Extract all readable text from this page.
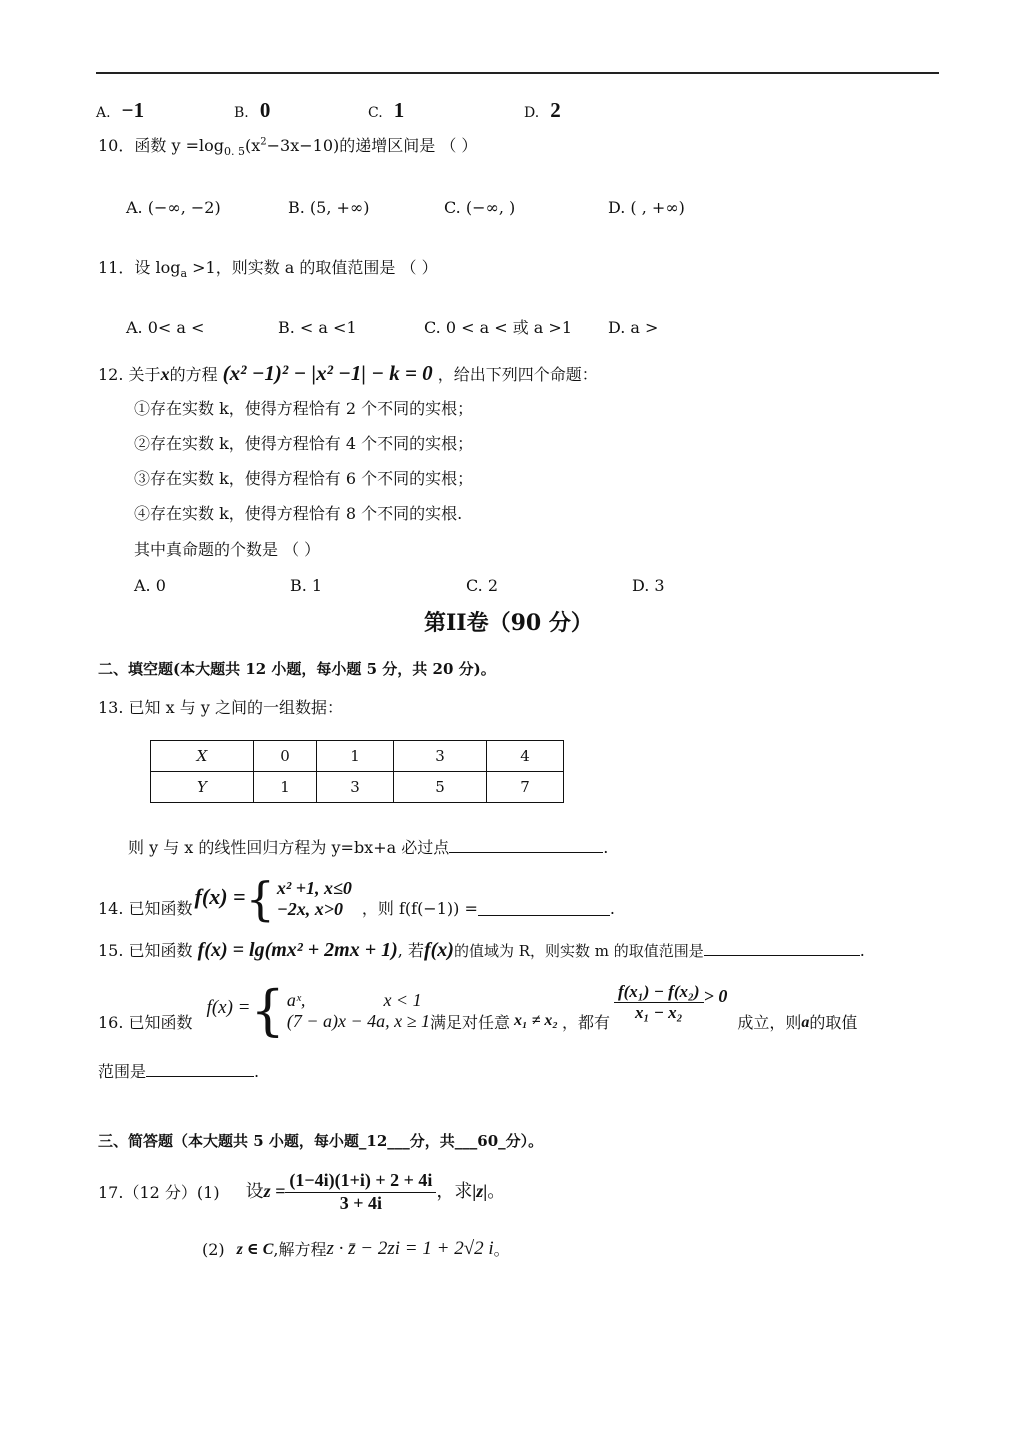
A. −1	B. 0	C. 1	D. 2
10．函数 $y =\log_{0. 5}(x^2-3x-10)$的递增区间是 （ ）
A. (−∞, −2)	B. (5, +∞)	C. (−∞, )	D. ( , +∞)
11．设 $\log_a >1$，则实数 a 的取值范围是 （ ）
A. 0< a <	B. < a <1	C. 0 < a < 或 a >1 D. a >
12. 关于x的方程 (x² −1)² − |x² −1| − k = 0 ，给出下列四个命题：
①存在实数 k，使得方程恰有 2 个不同的实根；
②存在实数 k，使得方程恰有 4 个不同的实根；
③存在实数 k，使得方程恰有 6 个不同的实根；
④存在实数 k，使得方程恰有 8 个不同的实根.
其中真命题的个数是 （ ）
A. 0	B. 1	C. 2	D. 3
第II卷（90 分）
二、填空题(本大题共 12 小题，每小题 5 分，共 20 分)。
13. 已知 x 与 y 之间的一组数据：
X	0	1	3	4
Y	1	3	5	7
则 y 与 x 的线性回归方程为 y=bx+a 必过点	.
14. 已知函数 f(x) = { x² +1, x≤0
−2x, x>0	，则 f(f(−1)) =	.
15. 已知函数 f(x) = lg(mx² + 2mx + 1), 若f(x)的值域为 R，则实数 m 的取值范围是	.
16. 已知函数
f(x) = { aˣ,	x < 1
(7 − a)x − 4a, x ≥ 1 满足对任意 x₁ ≠ x₂ ，都有 $\frac{\text{f(x₁) − f(x₂)}}{\text{x₁ − x₂}} > 0$
成立，则 a 的取值
范围是	.
三、简答题（本大题共 5 小题，每小题_12___分，共___60_分）。
17.（12 分）(1) 设 $z = \frac{(1-4i)(1+i) + 2 + 4i}{3 + 4i}$ ，求 |z| 。
(2) z ∈ C ,解方程 z · z̄ − 2zi = 1 + 2√2 i 。
